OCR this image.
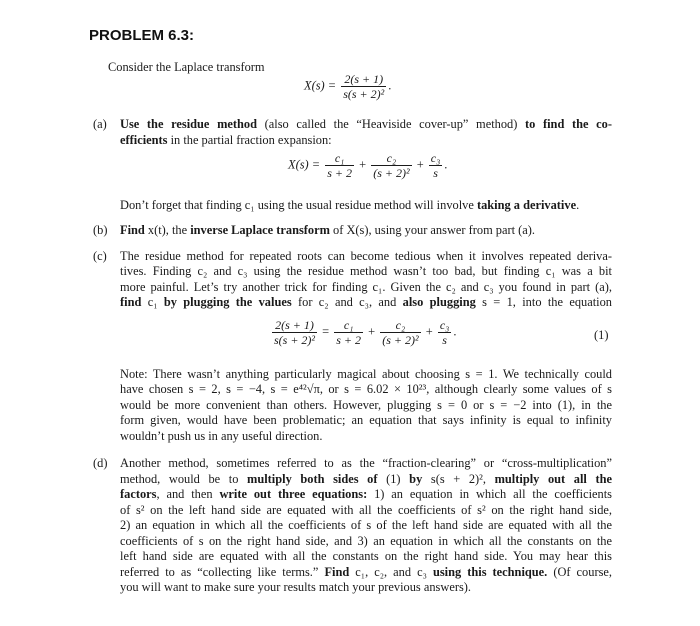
PROBLEM 6.3:
Consider the Laplace transform
$X(s) = \frac{2(s + 1)}{\text{s(s + 2)²}}$ .
(a) Use the residue method (also called the “Heaviside cover-up” method) to find the co-
efficients in the partial fraction expansion:
$X(s) = \frac{\text{c₁}}{s + 2} + \frac{\text{c₂}}{\text{(s + 2)²}} + \frac{\text{c₃}}{s}$ .
Don’t forget that finding c₁ using the usual residue method will involve taking a derivative.
(b) Find x(t), the inverse Laplace transform of X(s), using your answer from part (a).
(c) The residue method for repeated roots can become tedious when it involves repeated deriva-
tives. Finding c₂ and c₃ using the residue method wasn’t too bad, but finding c₁ was a bit
more painful. Let’s try another trick for finding c₁. Given the c₂ and c₃ you found in part (a),
find c₁ by plugging the values for c₂ and c₃, and also plugging s = 1, into the equation
$\frac{2(s + 1)}{\text{s(s + 2)²}} = \frac{\text{c₁}}{s + 2} + \frac{\text{c₂}}{\text{(s + 2)²}} + \frac{\text{c₃}}{s}$ .	(1)
Note: There wasn’t anything particularly magical about choosing s = 1. We technically could
have chosen s = 2, s = −4, s = e⁴²√π, or s = 6.02 × 10²³, although clearly some values of s
would be more convenient than others. However, plugging s = 0 or s = −2 into (1), in the
form given, would have been problematic; an equation that says infinity is equal to infinity
wouldn’t push us in any useful direction.
(d) Another method, sometimes referred to as the “fraction-clearing” or “cross-multiplication”
method, would be to multiply both sides of (1) by s(s + 2)², multiply out all the
factors, and then write out three equations: 1) an equation in which all the coefficients
of s² on the left hand side are equated with all the coefficients of s² on the right hand side,
2) an equation in which all the coefficients of s of the left hand side are equated with all the
coefficients of s on the right hand side, and 3) an equation in which all the constants on the
left hand side are equated with all the constants on the right hand side. You may hear this
referred to as “collecting like terms.” Find c₁, c₂, and c₃ using this technique. (Of course,
you will want to make sure your results match your previous answers).
